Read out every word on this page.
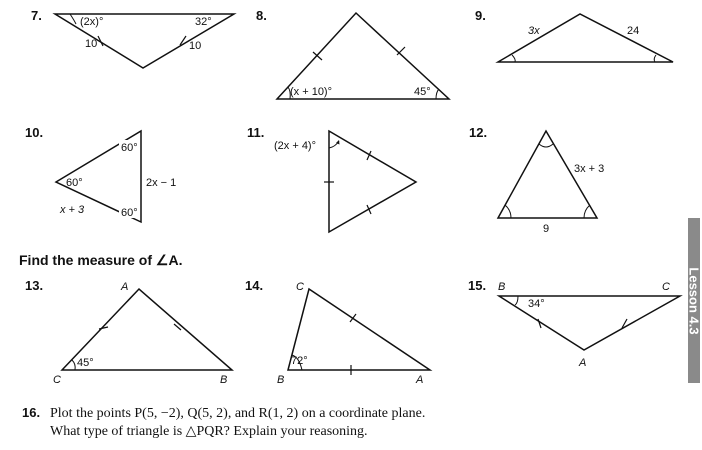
7.	(2x)°	32°
10	10
8.
(x + 10)°	45°
9.
3x	24
10.
60°
60°	2x − 1
x + 3	60°
11.
(2x + 4)°
12.
3x + 3
9
13.	A
45°
C	B
14.	C
72°
B	A
15. B	C
34°
A
Find the measure of ∠A.
16. Plot the points P(5, −2), Q(5, 2), and R(1, 2) on a coordinate plane.
What type of triangle is △PQR? Explain your reasoning.
Lesson 4.3
